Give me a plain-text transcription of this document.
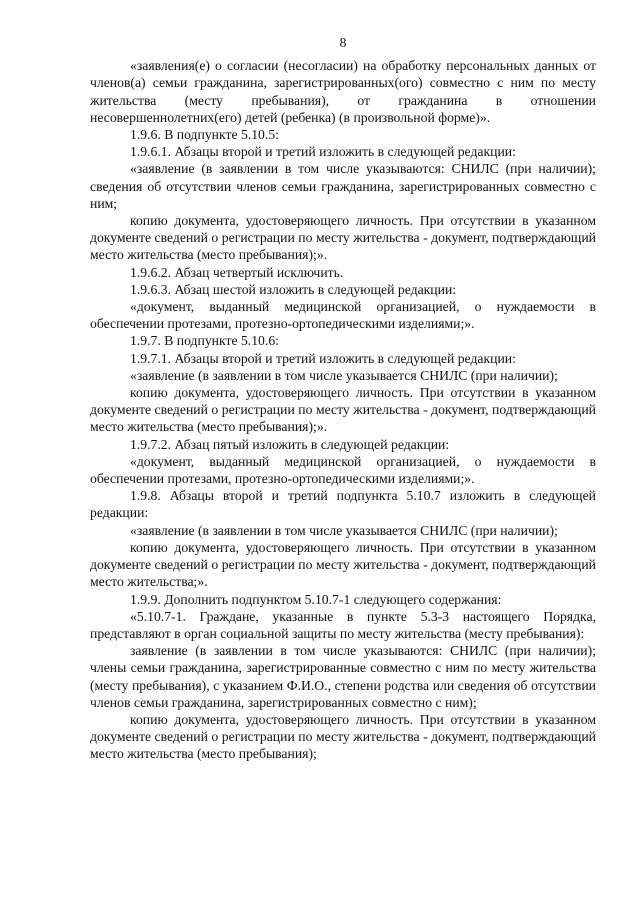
8

«заявления(е) о согласии (несогласии) на обработку персональных данных от членов(а) семьи гражданина, зарегистрированных(ого) совместно с ним по месту жительства (месту пребывания), от гражданина в отношении несовершеннолетних(его) детей (ребенка) (в произвольной форме)».

1.9.6. В подпункте 5.10.5:

1.9.6.1. Абзацы второй и третий изложить в следующей редакции:

«заявление (в заявлении в том числе указываются: СНИЛС (при наличии); сведения об отсутствии членов семьи гражданина, зарегистрированных совместно с ним;

копию документа, удостоверяющего личность. При отсутствии в указанном документе сведений о регистрации по месту жительства - документ, подтверждающий место жительства (место пребывания);».

1.9.6.2. Абзац четвертый исключить.

1.9.6.3. Абзац шестой изложить в следующей редакции:

«документ, выданный медицинской организацией, о нуждаемости в обеспечении протезами, протезно-ортопедическими изделиями;».

1.9.7. В подпункте 5.10.6:

1.9.7.1. Абзацы второй и третий изложить в следующей редакции:

«заявление (в заявлении в том числе указывается СНИЛС (при наличии);

копию документа, удостоверяющего личность. При отсутствии в указанном документе сведений о регистрации по месту жительства - документ, подтверждающий место жительства (место пребывания);».

1.9.7.2. Абзац пятый изложить в следующей редакции:

«документ, выданный медицинской организацией, о нуждаемости в обеспечении протезами, протезно-ортопедическими изделиями;».

1.9.8. Абзацы второй и третий подпункта 5.10.7 изложить в следующей редакции:

«заявление (в заявлении в том числе указывается СНИЛС (при наличии);

копию документа, удостоверяющего личность. При отсутствии в указанном документе сведений о регистрации по месту жительства - документ, подтверждающий место жительства;».

1.9.9. Дополнить подпунктом 5.10.7-1 следующего содержания:

«5.10.7-1. Граждане, указанные в пункте 5.3-3 настоящего Порядка, представляют в орган социальной защиты по месту жительства (месту пребывания):

заявление (в заявлении в том числе указываются: СНИЛС (при наличии); члены семьи гражданина, зарегистрированные совместно с ним по месту жительства (месту пребывания), с указанием Ф.И.О., степени родства или сведения об отсутствии членов семьи гражданина, зарегистрированных совместно с ним);

копию документа, удостоверяющего личность. При отсутствии в указанном документе сведений о регистрации по месту жительства - документ, подтверждающий место жительства (место пребывания);
